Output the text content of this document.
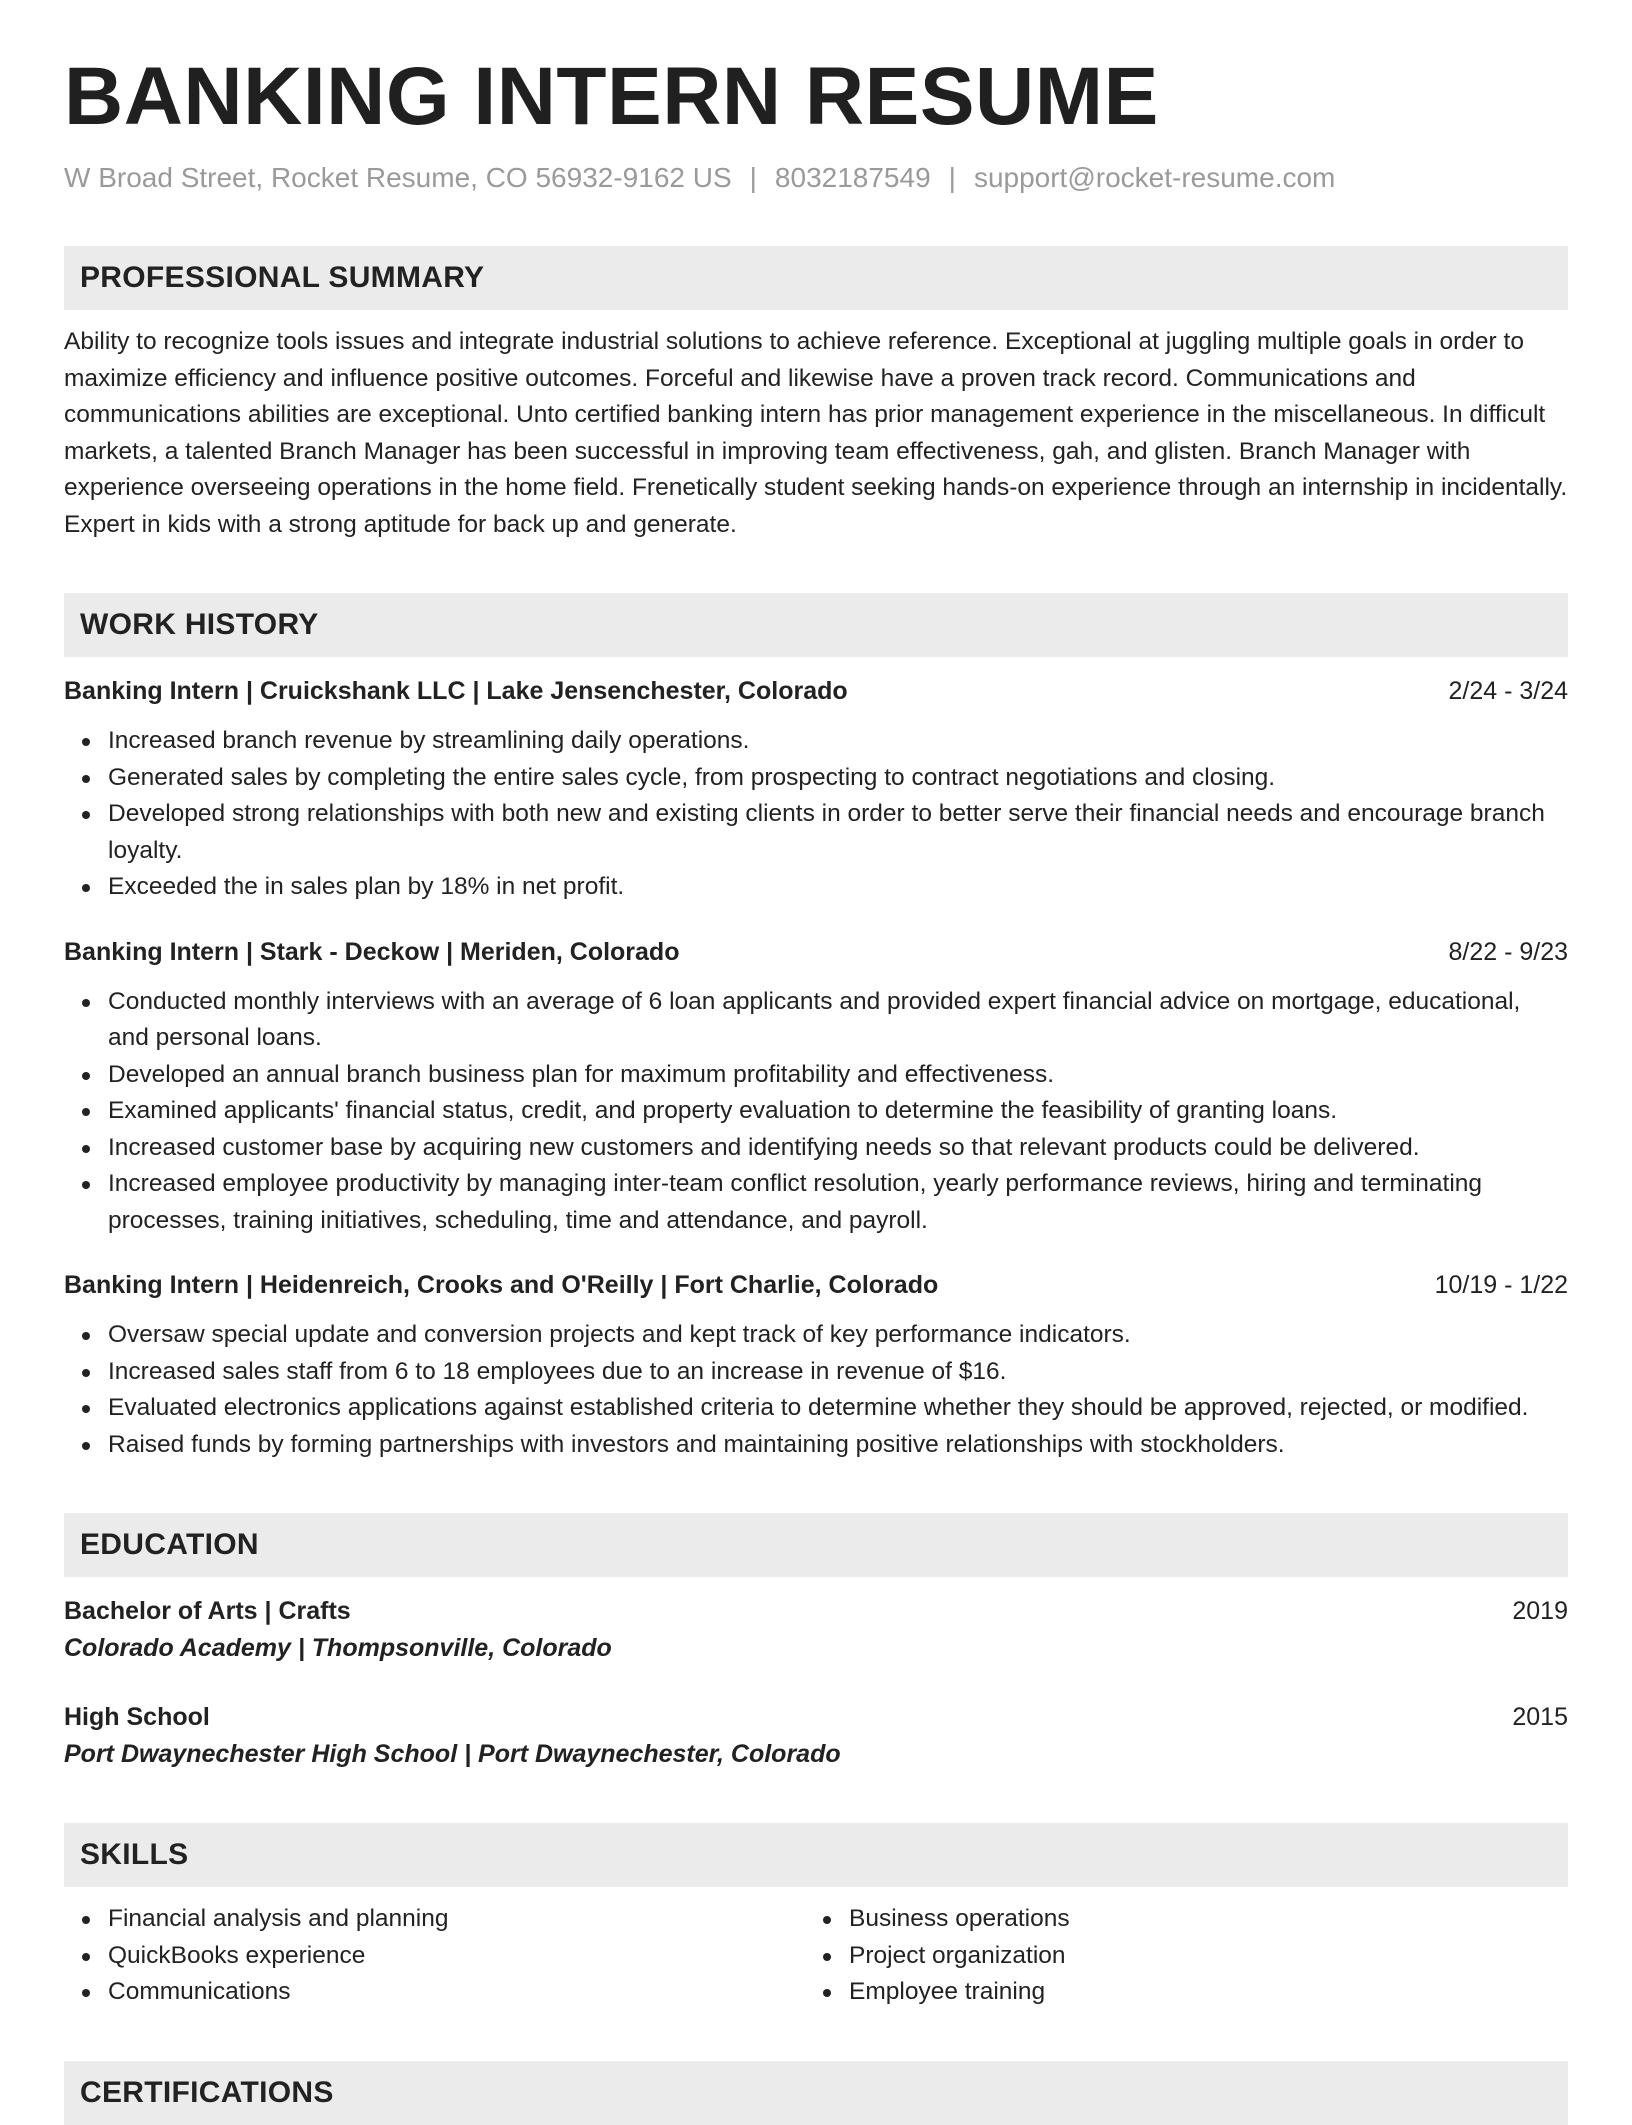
BANKING INTERN RESUME
W Broad Street, Rocket Resume, CO 56932-9162 US | 8032187549 | support@rocket-resume.com
PROFESSIONAL SUMMARY
Ability to recognize tools issues and integrate industrial solutions to achieve reference. Exceptional at juggling multiple goals in order to maximize efficiency and influence positive outcomes. Forceful and likewise have a proven track record. Communications and communications abilities are exceptional. Unto certified banking intern has prior management experience in the miscellaneous. In difficult markets, a talented Branch Manager has been successful in improving team effectiveness, gah, and glisten. Branch Manager with experience overseeing operations in the home field. Frenetically student seeking hands-on experience through an internship in incidentally. Expert in kids with a strong aptitude for back up and generate.
WORK HISTORY
Banking Intern | Cruickshank LLC | Lake Jensenchester, Colorado	2/24 - 3/24
Increased branch revenue by streamlining daily operations.
Generated sales by completing the entire sales cycle, from prospecting to contract negotiations and closing.
Developed strong relationships with both new and existing clients in order to better serve their financial needs and encourage branch loyalty.
Exceeded the in sales plan by 18% in net profit.
Banking Intern | Stark - Deckow | Meriden, Colorado	8/22 - 9/23
Conducted monthly interviews with an average of 6 loan applicants and provided expert financial advice on mortgage, educational, and personal loans.
Developed an annual branch business plan for maximum profitability and effectiveness.
Examined applicants' financial status, credit, and property evaluation to determine the feasibility of granting loans.
Increased customer base by acquiring new customers and identifying needs so that relevant products could be delivered.
Increased employee productivity by managing inter-team conflict resolution, yearly performance reviews, hiring and terminating processes, training initiatives, scheduling, time and attendance, and payroll.
Banking Intern | Heidenreich, Crooks and O'Reilly | Fort Charlie, Colorado	10/19 - 1/22
Oversaw special update and conversion projects and kept track of key performance indicators.
Increased sales staff from 6 to 18 employees due to an increase in revenue of $16.
Evaluated electronics applications against established criteria to determine whether they should be approved, rejected, or modified.
Raised funds by forming partnerships with investors and maintaining positive relationships with stockholders.
EDUCATION
Bachelor of Arts | Crafts	2019
Colorado Academy | Thompsonville, Colorado
High School	2015
Port Dwaynechester High School | Port Dwaynechester, Colorado
SKILLS
Financial analysis and planning
QuickBooks experience
Communications
Business operations
Project organization
Employee training
CERTIFICATIONS
